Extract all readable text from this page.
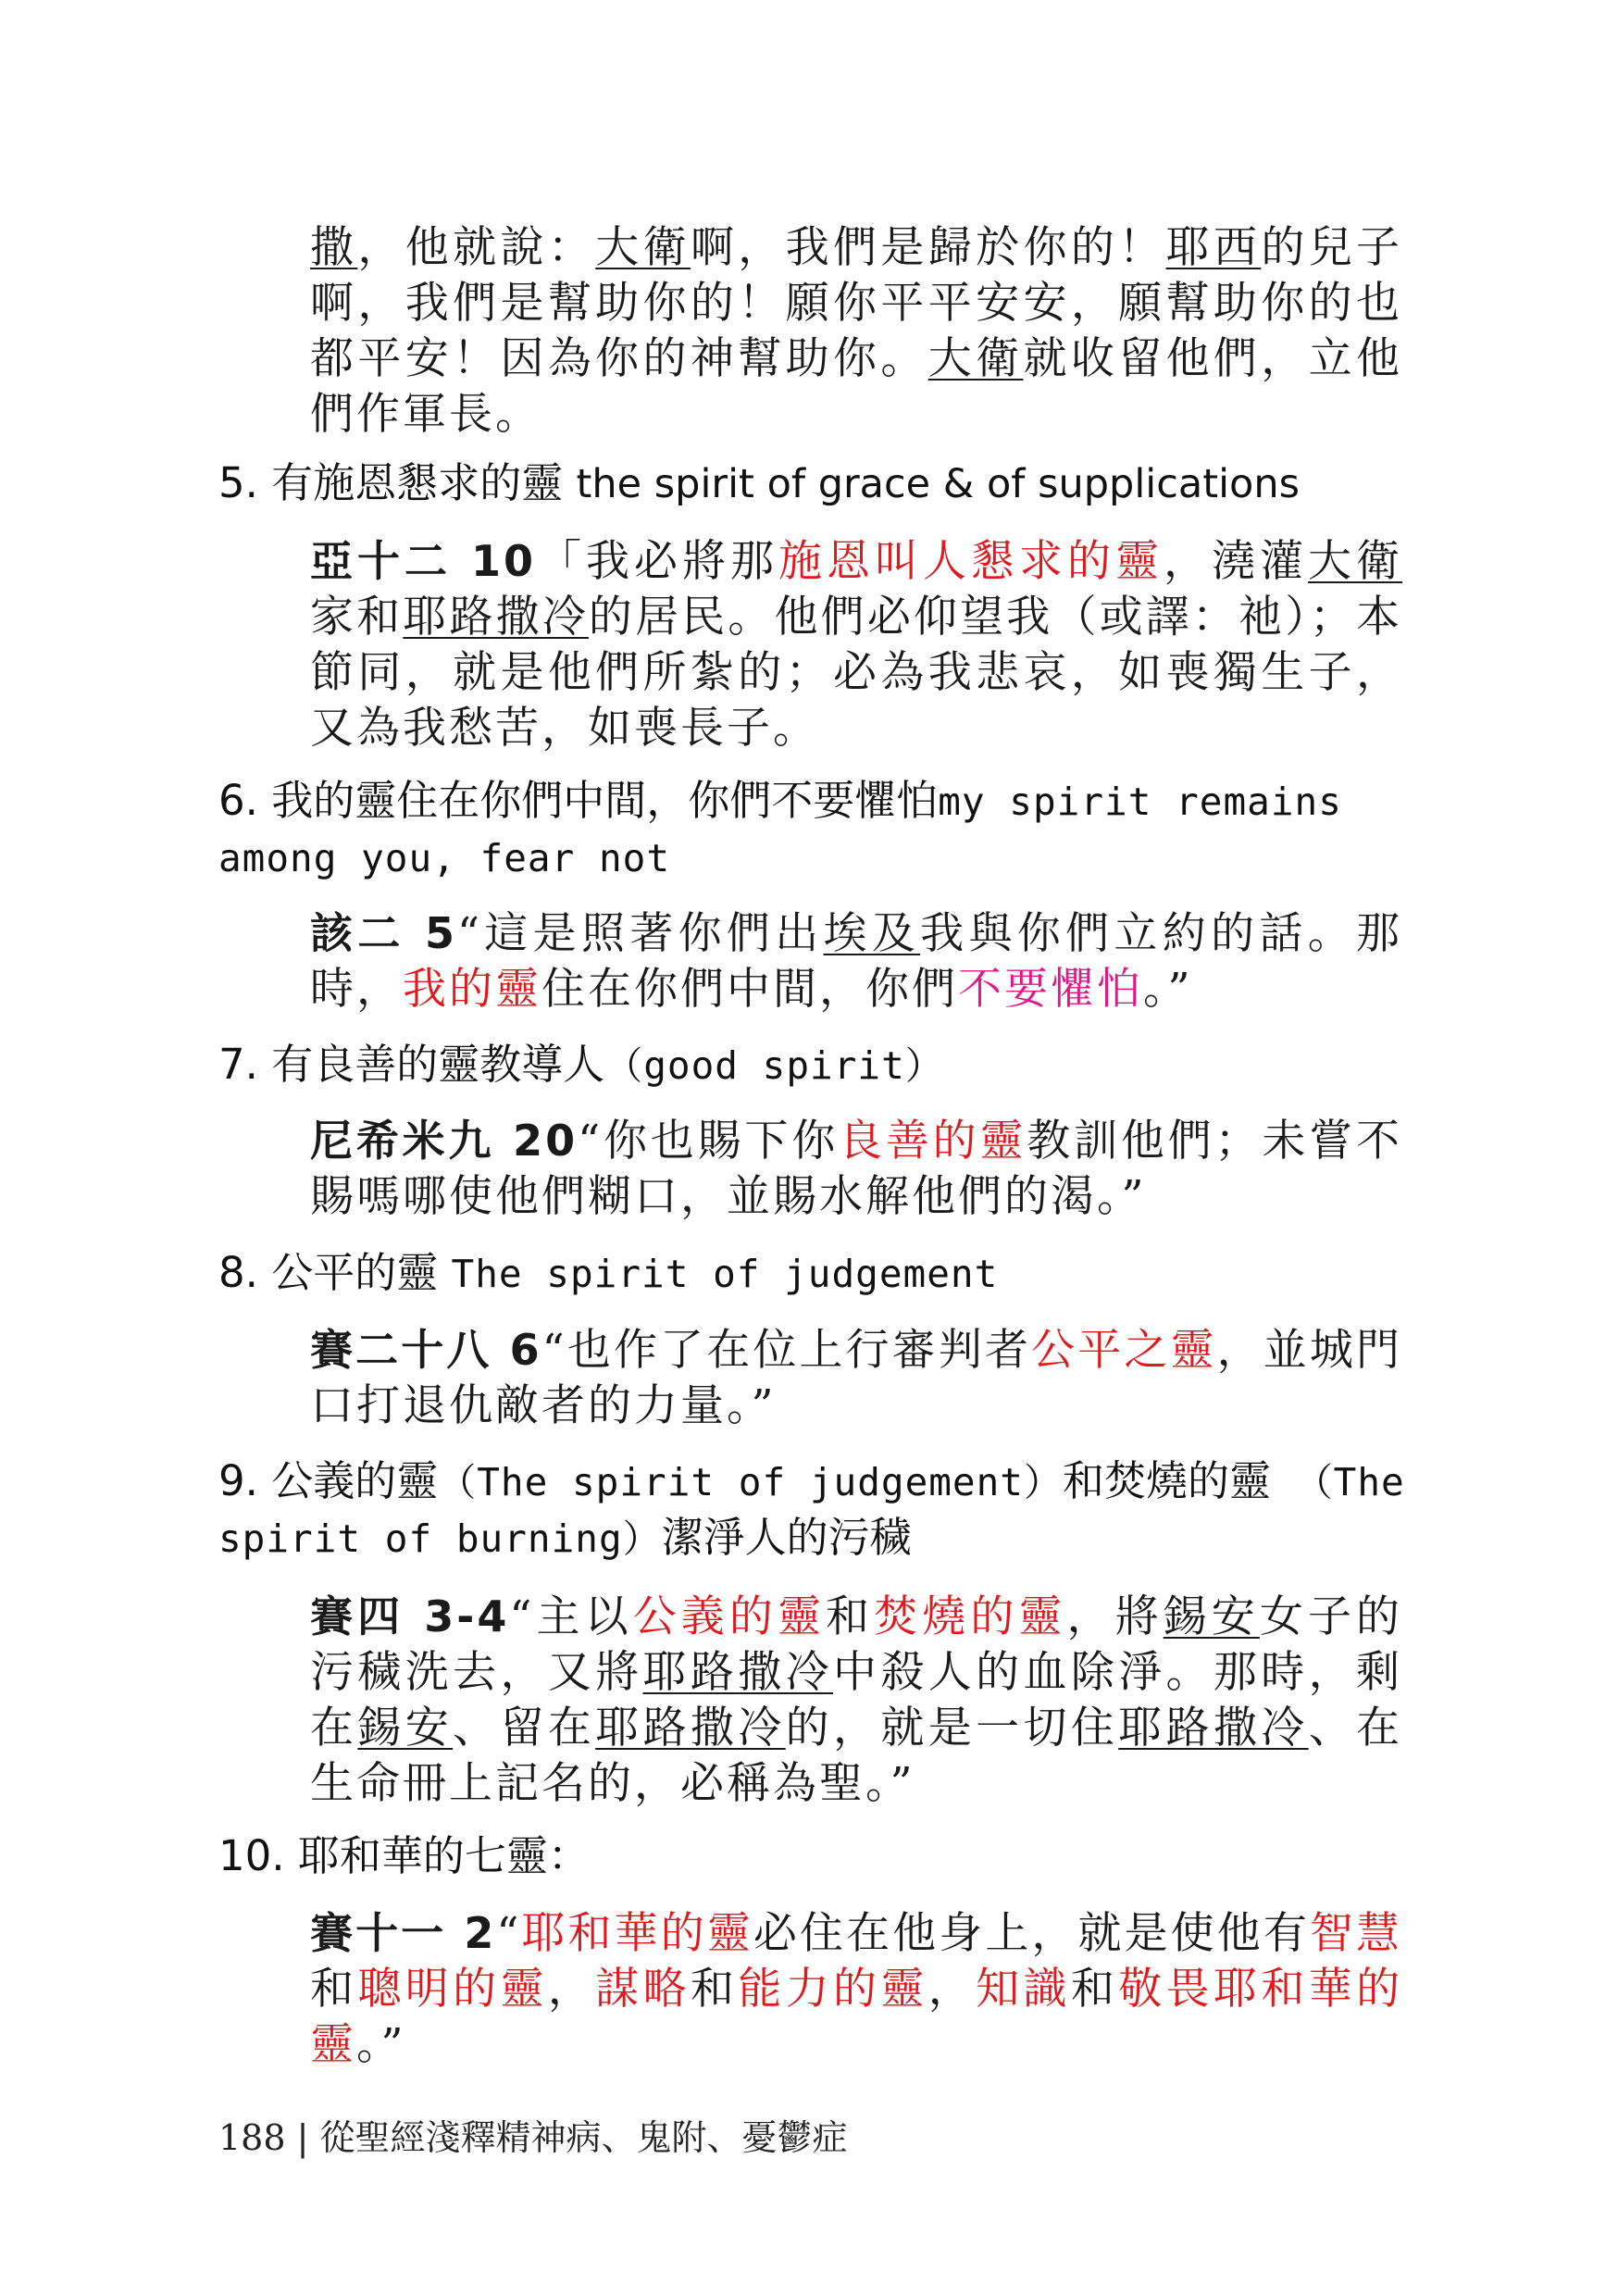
撒，他就說：大衛啊，我們是歸於你的！耶西的兒子啊，我們是幫助你的！願你平平安安，願幫助你的也都平安！因為你的神幫助你。大衛就收留他們，立他們作軍長。

5. 有施恩懇求的靈 the spirit of grace & of supplications

亞十二 10「我必將那施恩叫人懇求的靈，澆灌大衛家和耶路撒冷的居民。他們必仰望我（或譯：祂）；本節同，就是他們所紮的；必為我悲哀，如喪獨生子，又為我愁苦，如喪長子。

6. 我的靈住在你們中間，你們不要懼怕my spirit remains among you, fear not

該二 5“這是照著你們出埃及我與你們立約的話。那時，我的靈住在你們中間，你們不要懼怕。”

7. 有良善的靈教導人（good spirit）

尼希米九 20“你也賜下你良善的靈教訓他們；未嘗不賜嗎哪使他們糊口，並賜水解他們的渴。”

8. 公平的靈 The spirit of judgement

賽二十八 6“也作了在位上行審判者公平之靈，並城門口打退仇敵者的力量。”

9. 公義的靈（The spirit of judgement）和焚燒的靈 （The spirit of burning）潔淨人的污穢

賽四 3-4“主以公義的靈和焚燒的靈，將錫安女子的污穢洗去，又將耶路撒冷中殺人的血除淨。那時，剩在錫安、留在耶路撒冷的，就是一切住耶路撒冷、在生命冊上記名的，必稱為聖。”

10. 耶和華的七靈：

賽十一 2“耶和華的靈必住在他身上，就是使他有智慧和聰明的靈，謀略和能力的靈，知識和敬畏耶和華的靈。”

188 | 從聖經淺釋精神病、鬼附、憂鬱症
